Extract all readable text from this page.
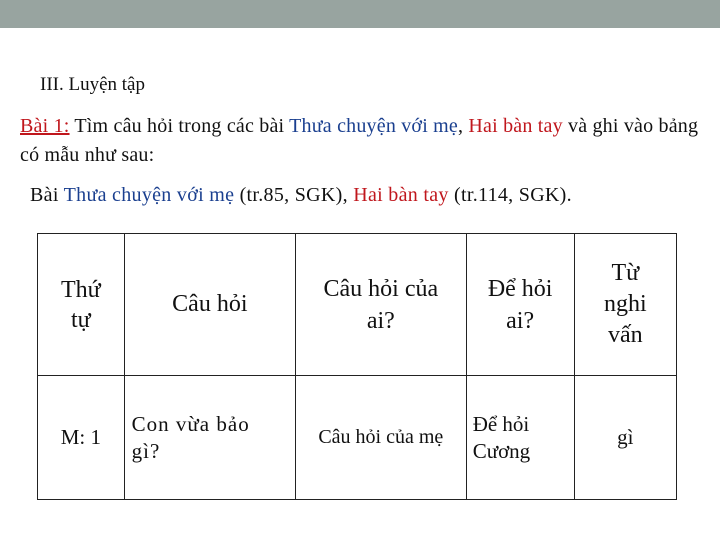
III. Luyện tập
Bài 1: Tìm câu hỏi trong các bài Thưa chuyện với mẹ, Hai bàn tay và ghi vào bảng có mẫu như sau:
Bài Thưa chuyện với mẹ (tr.85, SGK), Hai bàn tay (tr.114, SGK).
Thứ tự	Câu hỏi	Câu hỏi của ai?	Để hỏi ai?	Từ nghi vấn

M: 1	Con vừa bảo gì?	Câu hỏi của mẹ	Để hỏi Cương	gì
